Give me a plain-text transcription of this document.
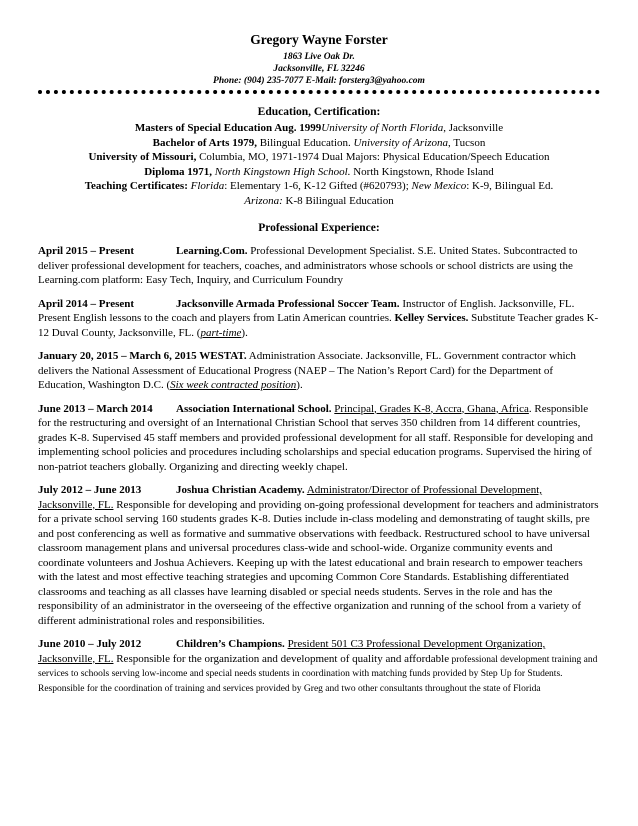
Gregory Wayne Forster
1863 Live Oak Dr.
Jacksonville, FL 32246
Phone: (904) 235-7077 E-Mail: forsterg3@yahoo.com
Education, Certification:
Masters of Special Education Aug. 1999University of North Florida, Jacksonville
Bachelor of Arts 1979, Bilingual Education. University of Arizona, Tucson
University of Missouri, Columbia, MO, 1971-1974 Dual Majors: Physical Education/Speech Education
Diploma 1971, North Kingstown High School. North Kingstown, Rhode Island
Teaching Certificates: Florida: Elementary 1-6, K-12 Gifted (#620793); New Mexico: K-9, Bilingual Ed.
Arizona: K-8 Bilingual Education
Professional Experience:
April 2015 – Present	Learning.Com. Professional Development Specialist. S.E. United States. Subcontracted to deliver professional development for teachers, coaches, and administrators whose schools or school districts are using the Learning.com platform: Easy Tech, Inquiry, and Curriculum Foundry
April 2014 – Present	Jacksonville Armada Professional Soccer Team. Instructor of English. Jacksonville, FL. Present English lessons to the coach and players from Latin American countries. Kelley Services. Substitute Teacher grades K-12 Duval County, Jacksonville, FL. (part-time).
January 20, 2015 – March 6, 2015 WESTAT. Administration Associate. Jacksonville, FL. Government contractor which delivers the National Assessment of Educational Progress (NAEP – The Nation’s Report Card) for the Department of Education, Washington D.C. (Six week contracted position).
June 2013 – March 2014 Association International School. Principal, Grades K-8, Accra, Ghana, Africa. Responsible for the restructuring and oversight of an International Christian School that serves 350 children from 14 different countries, grades K-8. Supervised 45 staff members and provided professional development for all staff. Responsible for developing and implementing school policies and procedures including scholarships and special education programs. Supervised the hiring of non-patriot teachers globally. Organizing and directing weekly chapel.
July 2012 – June 2013	Joshua Christian Academy. Administrator/Director of Professional Development, Jacksonville, FL. Responsible for developing and providing on-going professional development for teachers and administrators for a private school serving 160 students grades K-8. Duties include in-class modeling and demonstrating of taught skills, pre and post conferencing as well as formative and summative observations with feedback. Restructured school to have universal classroom management plans and universal procedures class-wide and school-wide. Organize community events and coordinate volunteers and Joshua Achievers. Keeping up with the latest educational and brain research to empower teachers with the latest and most effective teaching strategies and upcoming Common Core Standards. Establishing differentiated classrooms and teaching as all classes have learning disabled or special needs students. Serves in the role and has the responsibility of an administrator in the overseeing of the effective organization and running of the school from a variety of different administrational roles and responsibilities.
June 2010 – July 2012	Children’s Champions. President 501 C3 Professional Development Organization, Jacksonville, FL. Responsible for the organization and development of quality and affordable professional development training and services to schools serving low-income and special needs students in coordination with matching funds provided by Step Up for Students. Responsible for the coordination of training and services provided by Greg and two other consultants throughout the state of Florida
